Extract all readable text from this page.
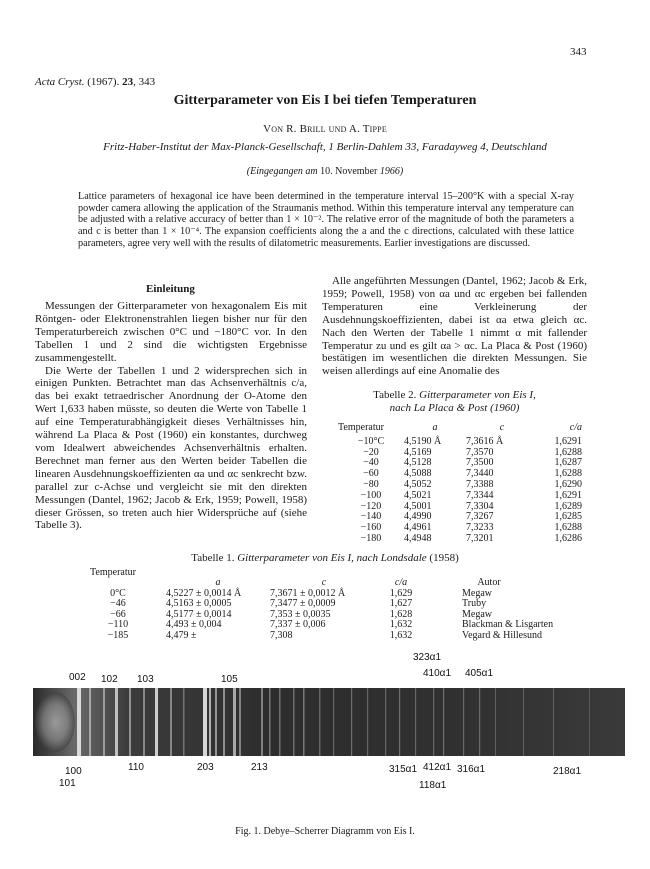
343
Acta Cryst. (1967). 23, 343
Gitterparameter von Eis I bei tiefen Temperaturen
Von R. Brill und A. Tippe
Fritz-Haber-Institut der Max-Planck-Gesellschaft, 1 Berlin-Dahlem 33, Faradayweg 4, Deutschland
(Eingegangen am 10. November 1966)
Lattice parameters of hexagonal ice have been determined in the temperature interval 15–200°K with a special X-ray powder camera allowing the application of the Straumanis method. Within this temperature interval any temperature can be adjusted with a relative accuracy of better than 1 × 10⁻². The relative error of the magnitude of both the parameters a and c is better than 1 × 10⁻⁴. The expansion coefficients along the a and the c directions, calculated with these lattice parameters, agree very well with the results of dilatometric measurements. Earlier investigations are discussed.
Einleitung

Messungen der Gitterparameter von hexagonalem Eis mit Röntgen- oder Elektronenstrahlen liegen bisher nur für den Temperaturbereich zwischen 0°C und −180°C vor. In den Tabellen 1 und 2 sind die wichtigsten Ergebnisse zusammengestellt.

Die Werte der Tabellen 1 und 2 widersprechen sich in einigen Punkten. Betrachtet man das Achsenverhältnis c/a, das bei exakt tetraedrischer Anordnung der O-Atome den Wert 1,633 haben müsste, so deuten die Werte von Tabelle 1 auf eine Temperaturabhängigkeit dieses Verhältnisses hin, während La Placa & Post (1960) ein konstantes, durchweg vom Idealwert abweichendes Achsenverhältnis erhalten. Berechnet man ferner aus den Werten beider Tabellen die linearen Ausdehnungskoeffizienten αa und αc senkrecht bzw. parallel zur c-Achse und vergleicht sie mit den direkten Messungen (Dantel, 1962; Jacob & Erk, 1959; Powell, 1958) dieser Grössen, so treten auch hier Widersprüche auf (siehe Tabelle 3).

Alle angeführten Messungen (Dantel, 1962; Jacob & Erk, 1959; Powell, 1958) von αa und αc ergeben bei fallenden Temperaturen eine Verkleinerung der Ausdehnungskoeffizienten, dabei ist αa etwa gleich αc. Nach den Werten der Tabelle 1 nimmt α mit fallender Temperatur zu und es gilt αa > αc. La Placa & Post (1960) bestätigen im wesentlichen die direkten Messungen. Sie weisen allerdings auf eine Anomalie des

Tabelle 2. Gitterparameter von Eis I,
nach La Placa & Post (1960)
Temperatur	a	c	c/a
−10°C	4,5190 Å	7,3616 Å	1,6291
−20	4,5169	7,3570	1,6288
−40	4,5128	7,3500	1,6287
−60	4,5088	7,3440	1,6288
−80	4,5052	7,3388	1,6290
−100	4,5021	7,3344	1,6291
−120	4,5001	7,3304	1,6289
−140	4,4990	7,3267	1,6285
−160	4,4961	7,3233	1,6288
−180	4,4948	7,3201	1,6286
Tabelle 1. Gitterparameter von Eis I, nach Londsdale (1958)
Temperatur	a	c	c/a	Autor
0°C	4,5227 ± 0,0014 Å	7,3671 ± 0,0012 Å	1,629	Megaw
−46	4,5163 ± 0,0005	7,3477 ± 0,0009	1,627	Truby
−66	4,5177 ± 0,0014	7,353 ± 0,0035	1,628	Megaw
−110	4,493 ± 0,004	7,337 ± 0,006	1,632	Blackman & Lisgarten
−185	4,479 ±	7,308	1,632	Vegard & Hillesund
002 102 103	105
100
101
110	203	213
323α1
410α1 405α1
315α1 412α1 316α1	218α1
118α1
Fig. 1. Debye–Scherrer Diagramm von Eis I.
